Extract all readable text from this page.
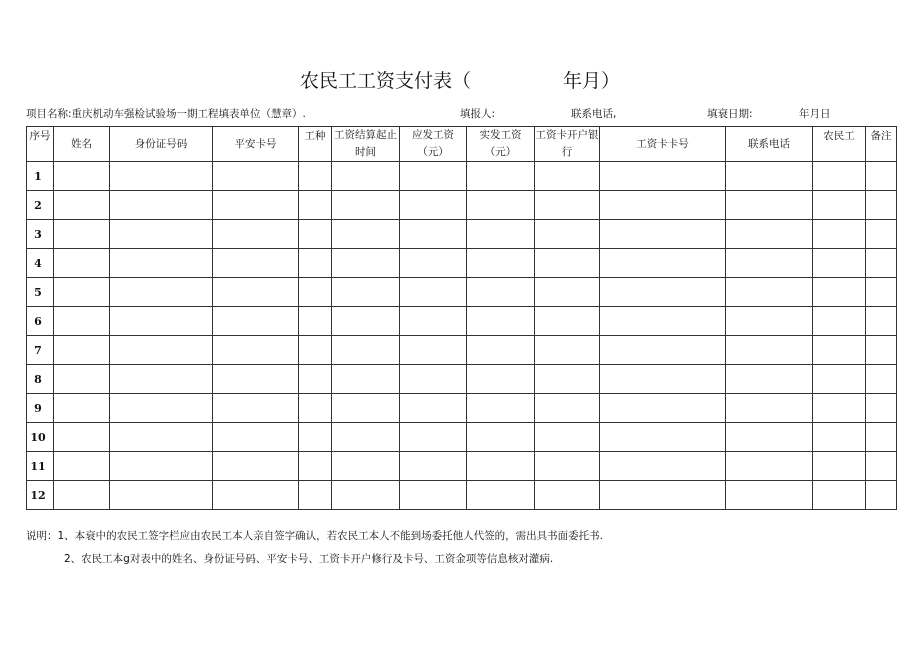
农民工工资支付表（	年月）
项目名称:重庆机动车强检试验场一期工程填表单位（慧章）.	填报人:	联系电话,	填衰日期:	年月日
序号	姓名	身份证号码	平安卡号	工种	工资结算起止时间	应发工资（元）	实发工资（元）	工资卡开户银行	工资卡卡号	联系电话	农民工	备注
1												
2												
3												
4												
5												
6												
7												
8												
9												
10												
11												
12												
说明：1、本衰中的农民工签字栏应由农民工本人亲自签字确认，若农民工本人不能到场委托他人代签的，需出具书面委托书.
2、农民工本g对表中的姓名、身份证号码、平安卡号、工资卡开户修行及卡号、工资金项等信息核对灌病.
